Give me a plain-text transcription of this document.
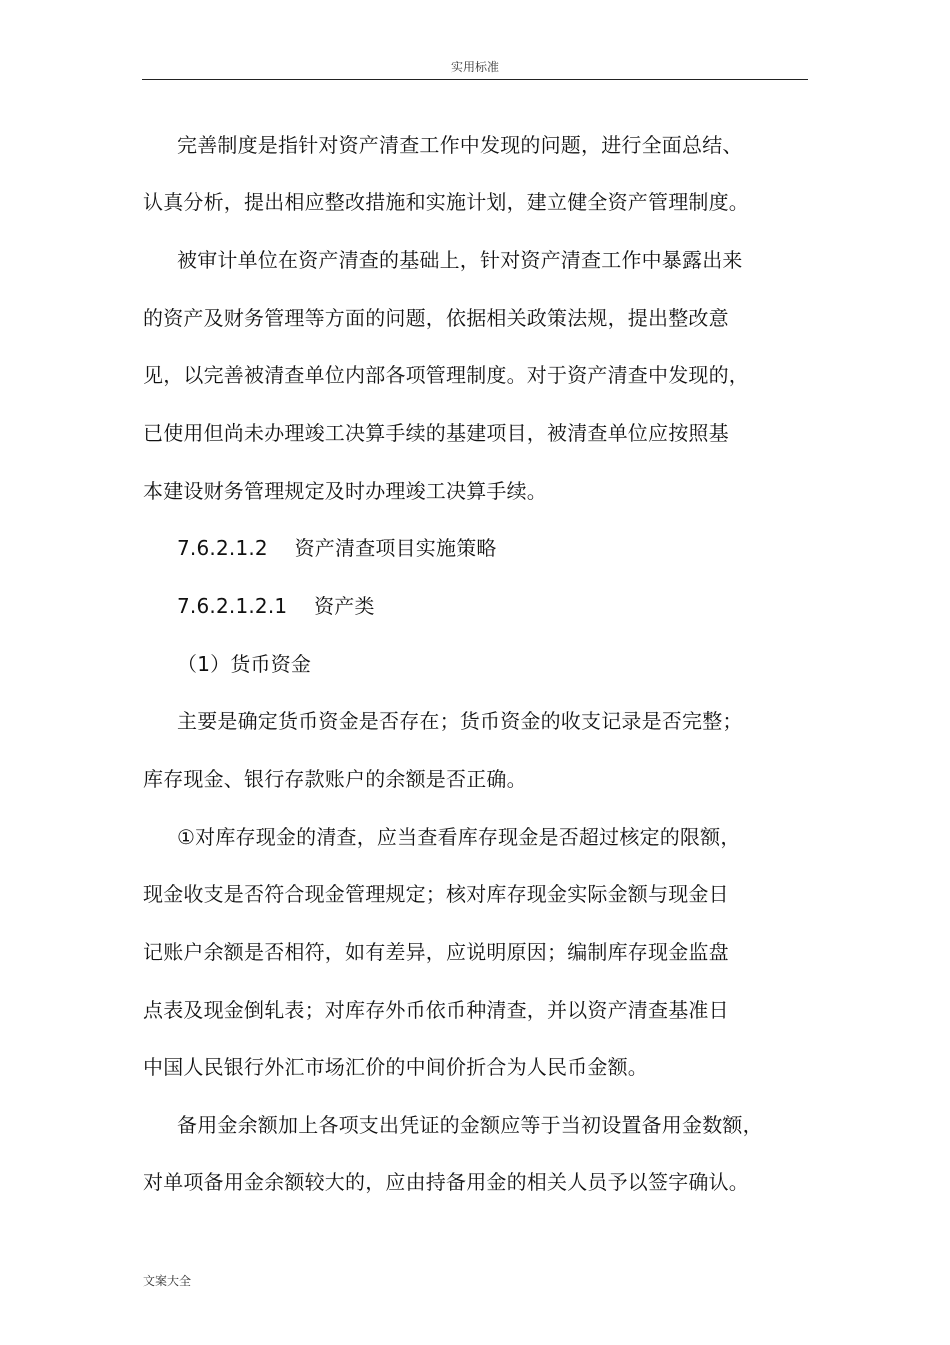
实用标准
完善制度是指针对资产清查工作中发现的问题，进行全面总结、
认真分析，提出相应整改措施和实施计划，建立健全资产管理制度。
被审计单位在资产清查的基础上，针对资产清查工作中暴露出来
的资产及财务管理等方面的问题，依据相关政策法规，提出整改意
见，以完善被清查单位内部各项管理制度。对于资产清查中发现的，
已使用但尚未办理竣工决算手续的基建项目，被清查单位应按照基
本建设财务管理规定及时办理竣工决算手续。
7.6.2.1.2　 资产清查项目实施策略
7.6.2.1.2.1　 资产类
（1）货币资金
主要是确定货币资金是否存在；货币资金的收支记录是否完整；
库存现金、银行存款账户的余额是否正确。
①对库存现金的清查，应当查看库存现金是否超过核定的限额，
现金收支是否符合现金管理规定；核对库存现金实际金额与现金日
记账户余额是否相符，如有差异，应说明原因；编制库存现金监盘
点表及现金倒轧表；对库存外币依币种清查，并以资产清查基准日
中国人民银行外汇市场汇价的中间价折合为人民币金额。
备用金余额加上各项支出凭证的金额应等于当初设置备用金数额，
对单项备用金余额较大的，应由持备用金的相关人员予以签字确认。
文案大全
